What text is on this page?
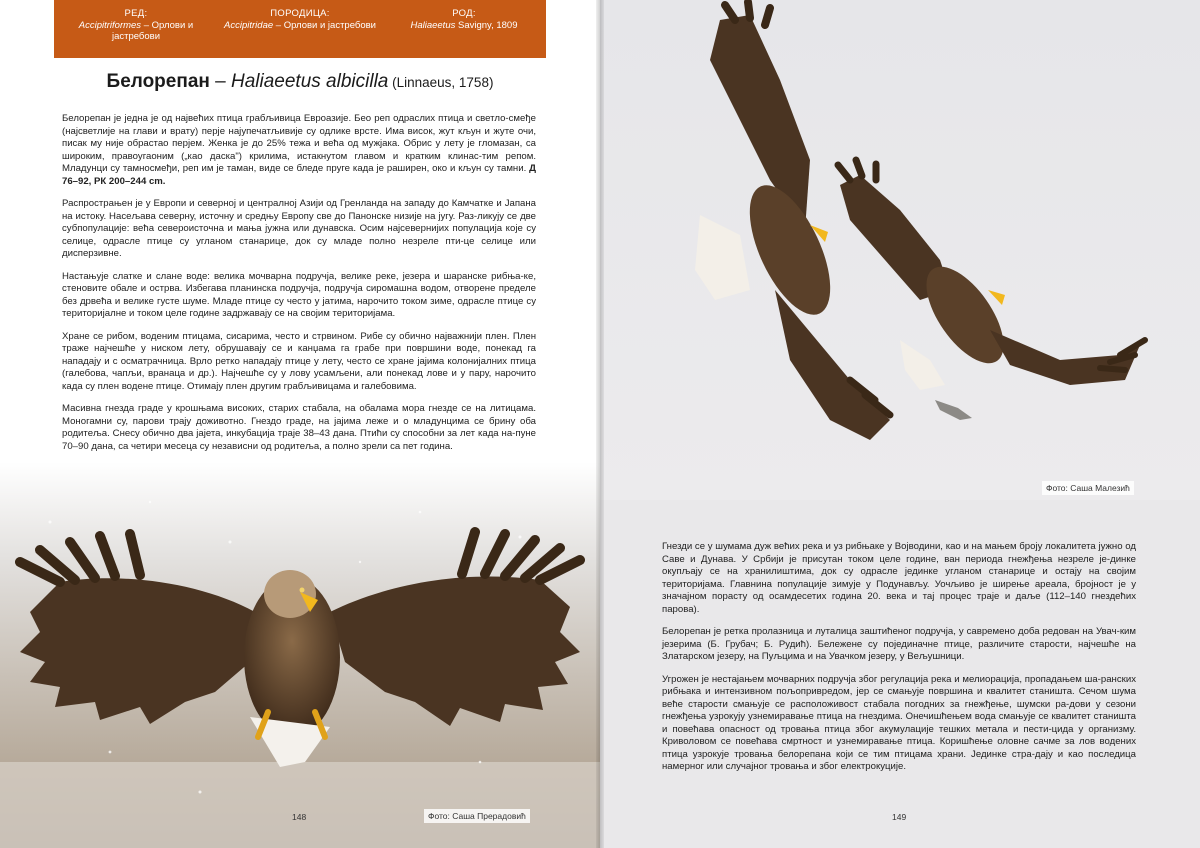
РЕД:
Accipitriformes – Орлови и јастребови
ПОРОДИЦА:
Accipitridae – Орлови и јастребови
РОД:
Haliaeetus Savigny, 1809
Белорепан – Haliaeetus albicilla (Linnaeus, 1758)

Белорепан је једна је од највећих птица грабљивица Евроазије. Бео реп одраслих птица и светло-смеђе (најсветлије на глави и врату) перје најупечатљивије су одлике врсте. Има висок, жут кљун и жуте очи, писак му није обрастао перјем. Женка је до 25% тежа и већа од мужјака. Обрис у лету је гломазан, са широким, правоугаоним („као даска") крилима, истакнутом главом и кратким клинас-тим репом. Младунци су тамносмеђи, реп им је таман, виде се бледе пруге када је раширен, око и кљун су тамни. Д 76–92, РК 200–244 cm.

Распрострањен је у Европи и северној и централној Азији од Гренланда на западу до Камчатке и Јапана на истоку. Насељава северну, источну и средњу Европу све до Панонске низије на југу. Раз-ликују се две субпопулације: већа североисточна и мања јужна или дунавска. Осим најсевернијих популација које су селице, одрасле птице су угланом станарице, док су младе полно незреле пти-це селице или дисперзивне.

Настањује слатке и слане воде: велика мочварна подручја, велике реке, језера и шаранске рибња-ке, стеновите обале и острва. Избегава планинска подручја, подручја сиромашна водом, отворене пределе без дрвећа и велике густе шуме. Младе птице су често у јатима, нарочито током зиме, одрасле птице су територијалне и током целе године задржавају се на својим територијама.

Хране се рибом, воденим птицама, сисарима, често и стрвином. Рибе су обично најважнији плен. Плен траже најчешће у ниском лету, обрушавају се и канџама га грабе при површини воде, понекад га нападају и с осматрачница. Врло ретко нападају птице у лету, често се хране јајима колонијалних птица (галебова, чапљи, вранаца и др.). Најчешће су у лову усамљени, али понекад лове и у пару, нарочито када су плен водене птице. Отимају плен другим грабљивицама и галебовима.

Масивна гнезда граде у крошњама високих, старих стабала, на обалама мора гнезде се на литицама. Моногамни су, парови трају доживотно. Гнездо граде, на јајима леже и о младунцима се брину оба родитеља. Снесу обично два јајета, инкубација траје 38–43 дана. Птићи су способни за лет када на-пуне 70–90 дана, са четири месеца су независни од родитеља, а полно зрели са пет година.

148	Фото: Саша Прерадовић
Фото: Саша Малезић

Гнезди се у шумама дуж већих река и уз рибњаке у Војводини, као и на мањем броју локалитета јужно од Саве и Дунава. У Србији је присутан током целе године, ван периода гнежђења незреле је-динке окупљају се на хранилиштима, док су одрасле јединке угланом станарице и остају на својим територијама. Главнина популације зимује у Подунављу. Уочљиво је ширење ареала, бројност је у значајном порасту од осамдесетих година 20. века и тај процес траје и даље (112–140 гнездећих парова).

Белорепан је ретка пролазница и луталица заштићеног подручја, у савремено доба редован на Увач-ким језерима (Б. Грубач; Б. Рудић). Бележене су појединачне птице, различите старости, најчешће на Златарском језеру, на Пуљцима и на Увачком језеру, у Вељушници.

Угрожен је нестајањем мочварних подручја због регулација река и мелиорација, пропадањем ша-ранских рибњака и интензивном пољопривредом, јер се смањује површина и квалитет станишта. Сечом шума веће старости смањује се расположивост стабала погодних за гнежђење, шумски ра-дови у сезони гнежђења узрокују узнемиравање птица на гнездима. Онечишћењем вода смањује се квалитет станишта и повећава опасност од тровања птица због акумулације тешких метала и пести-цида у организму. Криволовом се повећава смртност и узнемиравање птица. Коришћење оловне сачме за лов водених птица узрокује тровања белорепана који се тим птицама храни. Јединке стра-дају и као последица намерног или случајног тровања и због електрокуције.

149
